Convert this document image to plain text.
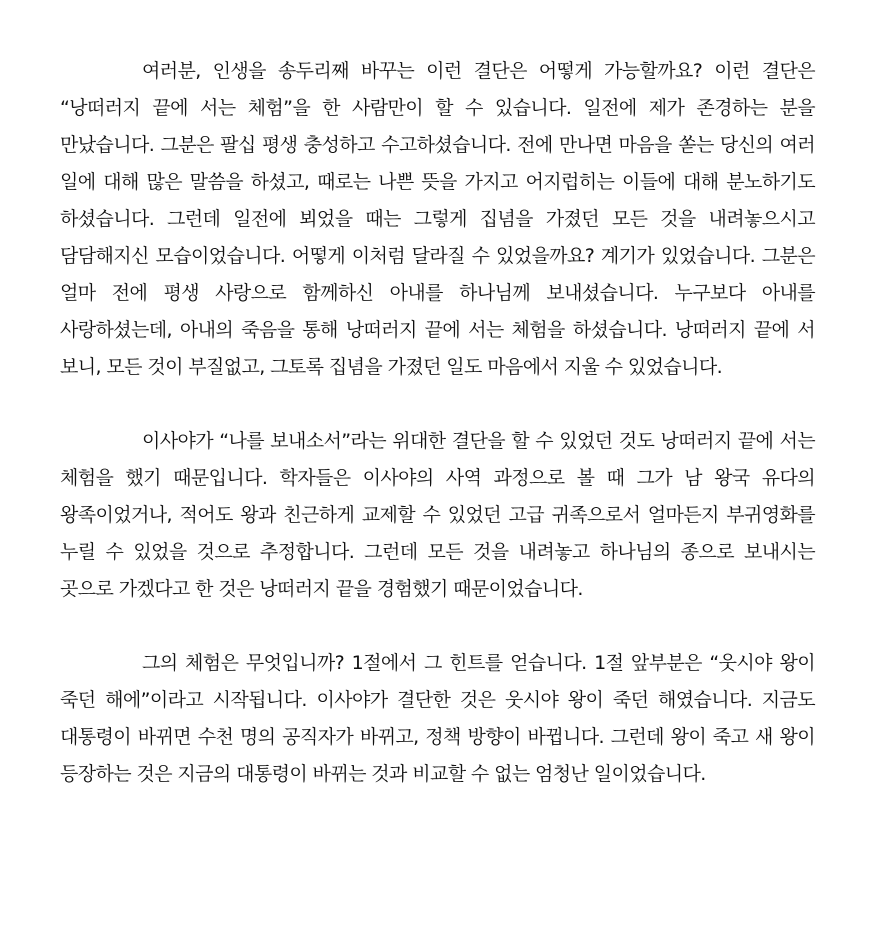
여러분, 인생을 송두리째 바꾸는 이런 결단은 어떻게 가능할까요? 이런 결단은 “낭떠러지 끝에 서는 체험”을 한 사람만이 할 수 있습니다. 일전에 제가 존경하는 분을 만났습니다. 그분은 팔십 평생 충성하고 수고하셨습니다. 전에 만나면 마음을 쏟는 당신의 여러 일에 대해 많은 말씀을 하셨고, 때로는 나쁜 뜻을 가지고 어지럽히는 이들에 대해 분노하기도 하셨습니다. 그런데 일전에 뵈었을 때는 그렇게 집념을 가졌던 모든 것을 내려놓으시고 담담해지신 모습이었습니다. 어떻게 이처럼 달라질 수 있었을까요? 계기가 있었습니다. 그분은 얼마 전에 평생 사랑으로 함께하신 아내를 하나님께 보내셨습니다. 누구보다 아내를 사랑하셨는데, 아내의 죽음을 통해 낭떠러지 끝에 서는 체험을 하셨습니다. 낭떠러지 끝에 서 보니, 모든 것이 부질없고, 그토록 집념을 가졌던 일도 마음에서 지울 수 있었습니다.

이사야가 “나를 보내소서”라는 위대한 결단을 할 수 있었던 것도 낭떠러지 끝에 서는 체험을 했기 때문입니다. 학자들은 이사야의 사역 과정으로 볼 때 그가 남 왕국 유다의 왕족이었거나, 적어도 왕과 친근하게 교제할 수 있었던 고급 귀족으로서 얼마든지 부귀영화를 누릴 수 있었을 것으로 추정합니다. 그런데 모든 것을 내려놓고 하나님의 종으로 보내시는 곳으로 가겠다고 한 것은 낭떠러지 끝을 경험했기 때문이었습니다.

그의 체험은 무엇입니까? 1절에서 그 힌트를 얻습니다. 1절 앞부분은 “웃시야 왕이 죽던 해에”이라고 시작됩니다. 이사야가 결단한 것은 웃시야 왕이 죽던 해였습니다. 지금도 대통령이 바뀌면 수천 명의 공직자가 바뀌고, 정책 방향이 바뀝니다. 그런데 왕이 죽고 새 왕이 등장하는 것은 지금의 대통령이 바뀌는 것과 비교할 수 없는 엄청난 일이었습니다.
